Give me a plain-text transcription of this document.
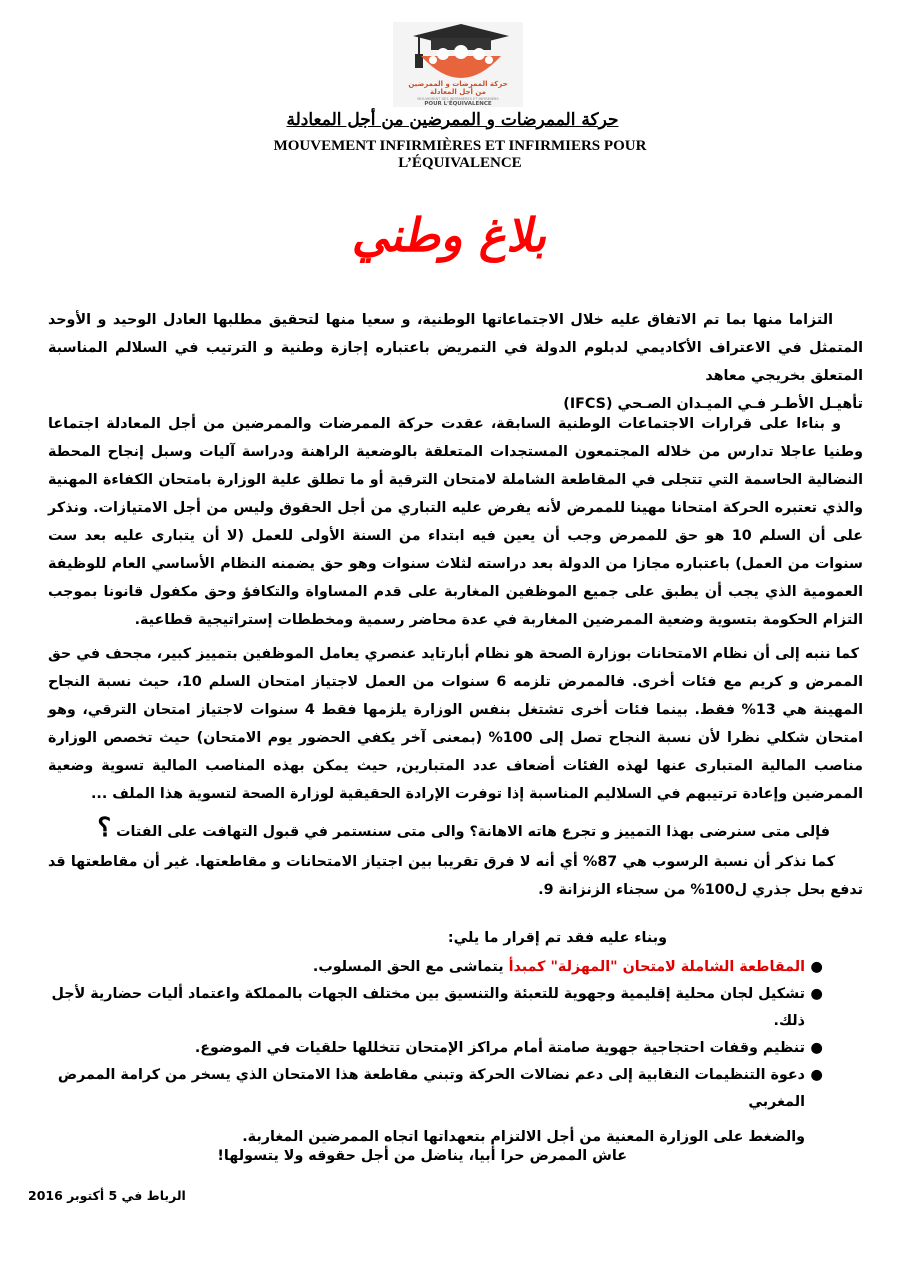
حركة الممرضات و الممرضين
من أجل المعادلة
MOUVEMENT DES INFIRMIÈRES ET INFIRMIERS
POUR L'ÉQUIVALENCE
حركة الممرضات و الممرضين من أجل المعادلة
MOUVEMENT INFIRMIÈRES ET INFIRMIERS POUR L’ÉQUIVALENCE
بلاغ وطني
التزاما منها بما تم الاتفاق عليه خلال الاجتماعاتها الوطنية، و سعيا منها لتحقيق مطلبها العادل الوحيد و الأوحد المتمثل في الاعتراف الأكاديمي لدبلوم الدولة في التمريض باعتباره إجازة وطنية و الترتيب في السلالم المناسبة المتعلق بخريجي معاهد
تأهيـل الأطـر فـي الميـدان الصـحي (IFCS)
و بناءا على قرارات الاجتماعات الوطنية السابقة، عقدت حركة الممرضات والممرضين من أجل المعادلة اجتماعا وطنيا عاجلا تدارس من خلاله المجتمعون المستجدات المتعلقة بالوضعية الراهنة ودراسة آليات وسبل إنجاح المحطة النضالية الحاسمة التي تتجلى في المقاطعة الشاملة لامتحان الترقية أو ما تطلق علية الوزارة بامتحان الكفاءة المهنية والذي تعتبره الحركة امتحانا مهينا للممرض لأنه يفرض عليه التباري من أجل الحقوق وليس من أجل الامتيازات. ونذكر على أن السلم 10 هو حق للممرض وجب أن يعين فيه ابتداء من السنة الأولى للعمل (لا أن يتبارى عليه بعد ست سنوات من العمل) باعتباره مجازا من الدولة بعد دراسته لثلاث سنوات وهو حق يضمنه النظام الأساسي العام للوظيفة العمومية الذي يجب أن يطبق على جميع الموظفين المغاربة على قدم المساواة والتكافؤ وحق مكفول قانونا بموجب التزام الحكومة بتسوية وضعية الممرضين المغاربة في عدة محاضر رسمية ومخططات إستراتيجية قطاعية.
كما ننبه إلى أن نظام الامتحانات بوزارة الصحة هو نظام أبارتايد عنصري يعامل الموظفين بتمييز كبير، مجحف في حق الممرض و كريم مع فئات أخرى. فالممرض تلزمه 6 سنوات من العمل لاجتياز امتحان السلم 10، حيث نسبة النجاح المهينة هي 13% فقط. بينما فئات أخرى تشتغل بنفس الوزارة يلزمها فقط 4 سنوات لاجتياز امتحان الترقي، وهو امتحان شكلي نظرا لأن نسبة النجاح تصل إلى 100% (بمعنى آخر يكفي الحضور يوم الامتحان) حيث تخصص الوزارة مناصب المالية المتبارى عنها لهذه الفئات أضعاف عدد المتبارين, حيث يمكن بهذه المناصب المالية تسوية وضعية الممرضين وإعادة ترتيبهم في السلاليم المناسبة إذا توفرت الإرادة الحقيقية لوزارة الصحة لتسوية هذا الملف ...
فإلى متى سنرضى بهذا التمييز و تجرع هاته الاهانة؟ والى متى سنستمر في قبول التهافت على الفتات ؟
كما نذكر أن نسبة الرسوب هي 87% أي أنه لا فرق تقريبا بين اجتياز الامتحانات و مقاطعتها. غير أن مقاطعتها قد تدفع بحل جذري ل100% من سجناء الزنزانة 9.
وبناء عليه فقد تم إقرار ما يلي:
●
المقاطعة الشاملة لامتحان "المهزلة" كمبدأ يتماشى مع الحق المسلوب.
●
تشكيل لجان محلية إقليمية وجهوية للتعبئة والتنسيق بين مختلف الجهات بالمملكة واعتماد أليات حضارية لأجل ذلك.
●
تنظيم وقفات احتجاجية جهوية صامتة أمام مراكز الإمتحان تتخللها حلقيات في الموضوع.
●
دعوة التنظيمات النقابية إلى دعم نضالات الحركة وتبني مقاطعة هذا الامتحان الذي يسخر من كرامة الممرض المغربي
والضغط على الوزارة المعنية من أجل الالتزام بتعهداتها اتجاه الممرضين المغاربة.
عاش الممرض حرا أبيا، يناضل من أجل حقوقه ولا يتسولها!
الرباط في 5 أكتوبر 2016
